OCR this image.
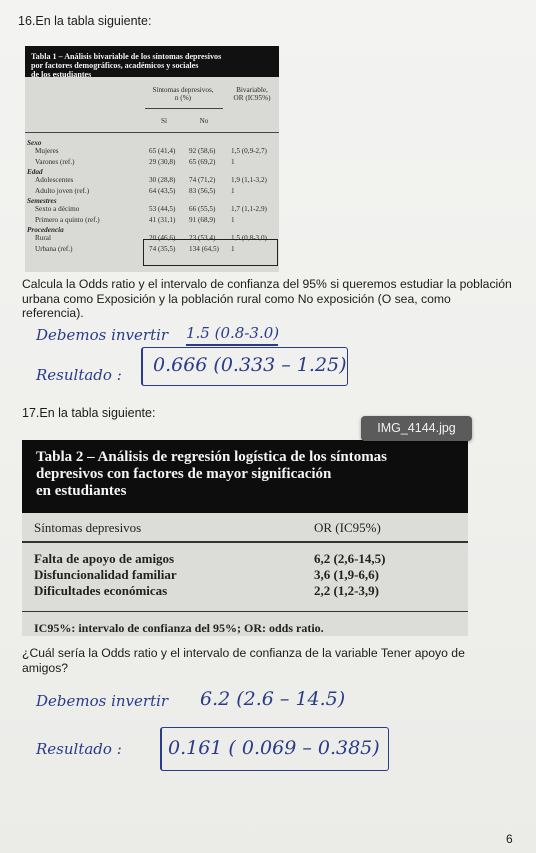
16.En la tabla siguiente:
Tabla 1 – Análisis bivariable de los síntomas depresivos
por factores demográficos, académicos y sociales
de los estudiantes
Síntomas depresivos,
n (%)
Bivariable,
OR (IC95%)
Sí	No
Sexo
Mujeres	65 (41,4) 92 (58,6) 1,5 (0,9-2,7)
Varones (ref.)	29 (30,8) 65 (69,2) 1
Edad
Adolescentes	30 (28,8) 74 (71,2) 1,9 (1,1-3,2)
Adulto joven (ref.)	64 (43,5) 83 (56,5) 1
Semestres
Sexto a décimo	53 (44,5) 66 (55,5) 1,7 (1,1-2,9)
Primero a quinto (ref.)	41 (31,1) 91 (68,9) 1
Procedencia
Rural	20 (46,6) 23 (53,4) 1,5 (0,8-3,0)
Urbana (ref.)	74 (35,5) 134 (64,5) 1
Calcula la Odds ratio y el intervalo de confianza del 95% si queremos estudiar la población urbana como Exposición y la población rural como No exposición (O sea, como referencia).
Debemos invertir 1.5 (0.8-3.0)
Resultado : 0.666 (0.333 – 1.25)
17.En la tabla siguiente:
Tabla 2 – Análisis de regresión logística de los síntomas
depresivos con factores de mayor significación
en estudiantes
Síntomas depresivos	OR (IC95%)
Falta de apoyo de amigos	6,2 (2,6-14,5)
Disfuncionalidad familiar	3,6 (1,9-6,6)
Dificultades económicas	2,2 (1,2-3,9)
IC95%: intervalo de confianza del 95%; OR: odds ratio.
IMG_4144.jpg
¿Cuál sería la Odds ratio y el intervalo de confianza de la variable Tener apoyo de amigos?
Debemos invertir 6.2 (2.6 – 14.5)
Resultado : 0.161 ( 0.069 – 0.385)
6
